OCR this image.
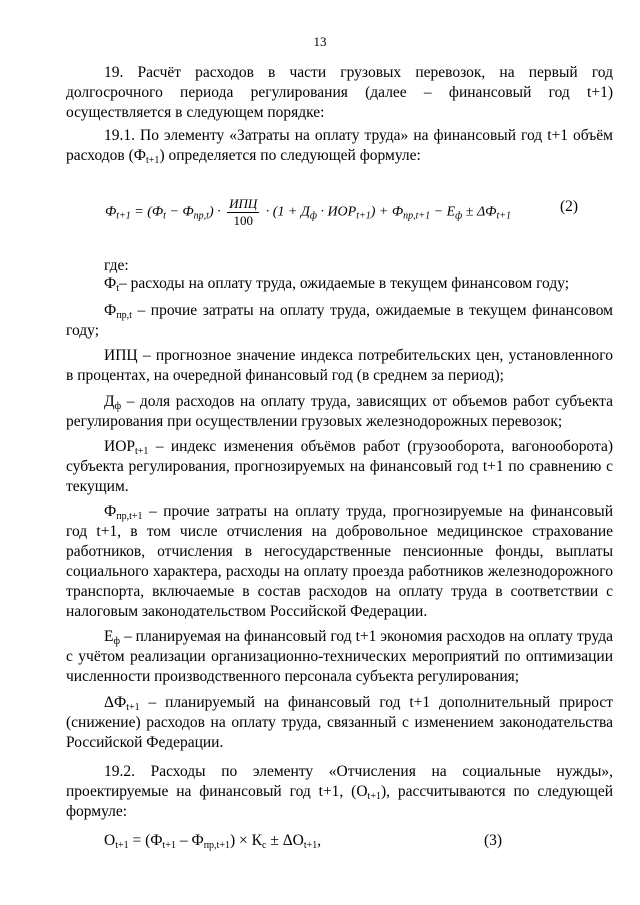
13

19. Расчёт расходов в части грузовых перевозок, на первый год долгосрочного периода регулирования (далее – финансовый год t+1) осуществляется в следующем порядке:

19.1. По элементу «Затраты на оплату труда» на финансовый год t+1 объём расходов $(Ф_{t+1})$ определяется по следующей формуле:

$Ф_{t+1} = (Ф_t - Ф_{пр,t}) \cdot \frac{\text{ИПЦ}}{100} \cdot (1 + Д_ф \cdot ИОР_{t+1}) + Ф_{пр,t+1} - Е_ф \pm \Delta Ф_{t+1}$
(2)

где:

$Ф_t-$ расходы на оплату труда, ожидаемые в текущем финансовом году;

$Ф_{пр,t}$ – прочие затраты на оплату труда, ожидаемые в текущем финансовом году;

ИПЦ – прогнозное значение индекса потребительских цен, установленного в процентах, на очередной финансовый год (в среднем за период);

$Д_ф$ – доля расходов на оплату труда, зависящих от объемов работ субъекта регулирования при осуществлении грузовых железнодорожных перевозок;

$ИОР_{t+1}$ – индекс изменения объёмов работ (грузооборота, вагонооборота) субъекта регулирования, прогнозируемых на финансовый год t+1 по сравнению с текущим.

$Ф_{пр,t+1}$ – прочие затраты на оплату труда, прогнозируемые на финансовый год t+1, в том числе отчисления на добровольное медицинское страхование работников, отчисления в негосударственные пенсионные фонды, выплаты социального характера, расходы на оплату проезда работников железнодорожного транспорта, включаемые в состав расходов на оплату труда в соответствии с налоговым законодательством Российской Федерации.

$Е_ф$ – планируемая на финансовый год t+1 экономия расходов на оплату труда с учётом реализации организационно-технических мероприятий по оптимизации численности производственного персонала субъекта регулирования;

$\Delta Ф_{t+1}$ – планируемый на финансовый год t+1 дополнительный прирост (снижение) расходов на оплату труда, связанный с изменением законодательства Российской Федерации.

19.2. Расходы по элементу «Отчисления на социальные нужды», проектируемые на финансовый год t+1, $(О_{t+1})$, рассчитываются по следующей формуле:

$О_{t+1} = (Ф_{t+1} - Ф_{пр,t+1}) \times К_с \pm \Delta О_{t+1}$,	(3)
